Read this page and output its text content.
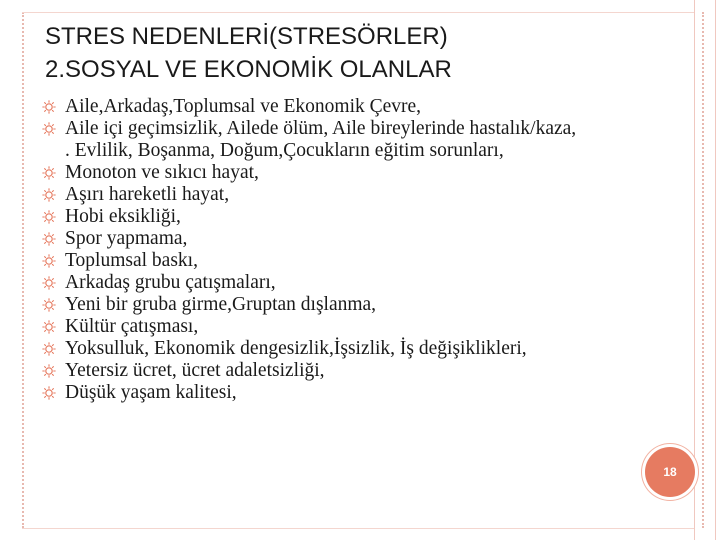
STRES NEDENLERİ(STRESÖRLER)
2.SOSYAL VE EKONOMİK OLANLAR
Aile,Arkadaş,Toplumsal ve Ekonomik Çevre,
Aile içi geçimsizlik, Ailede ölüm, Aile bireylerinde hastalık/kaza,
. Evlilik, Boşanma, Doğum,Çocukların eğitim sorunları,
Monoton ve sıkıcı hayat,
Aşırı hareketli hayat,
Hobi eksikliği,
Spor yapmama,
Toplumsal baskı,
Arkadaş grubu çatışmaları,
Yeni bir gruba girme,Gruptan dışlanma,
Kültür çatışması,
Yoksulluk, Ekonomik dengesizlik,İşsizlik, İş değişiklikleri,
Yetersiz ücret, ücret adaletsizliği,
Düşük yaşam kalitesi,
18
